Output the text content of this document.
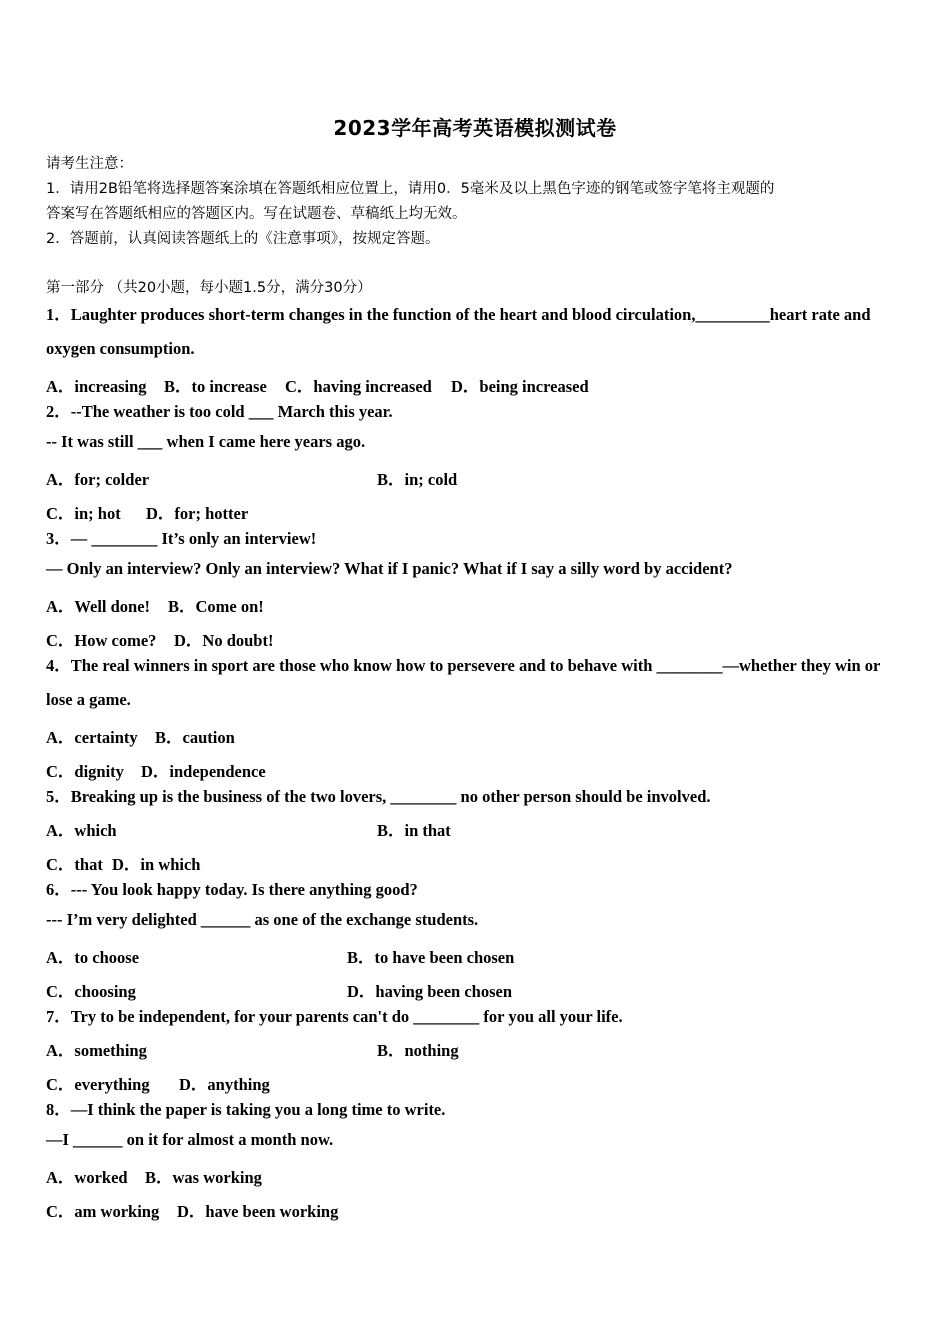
2023学年高考英语模拟测试卷
请考生注意：
1．请用2B铅笔将选择题答案涂填在答题纸相应位置上，请用0．5毫米及以上黑色字迹的钢笔或签字笔将主观题的
答案写在答题纸相应的答题区内。写在试题卷、草稿纸上均无效。
2．答题前，认真阅读答题纸上的《注意事项》，按规定答题。
第一部分 （共20小题，每小题1.5分，满分30分）
1．Laughter produces short-term changes in the function of the heart and blood circulation,_________heart rate and
oxygen consumption.
A．increasing B．to increase C．having increased D．being increased
2．--The weather is too cold ___ March this year.
-- It was still ___ when I came here years ago.
A．for; colder	B．in; cold
C．in; hot D．for; hotter
3．— ________ It’s only an interview!
— Only an interview? Only an interview? What if I panic? What if I say a silly word by accident?
A．Well done! B．Come on!
C．How come? D．No doubt!
4．The real winners in sport are those who know how to persevere and to behave with ________—whether they win or
lose a game.
A．certainty B．caution
C．dignity D．independence
5．Breaking up is the business of the two lovers, ________ no other person should be involved.
A．which	B．in that
C．that D．in which
6．--- You look happy today. Is there anything good?
--- I’m very delighted ______ as one of the exchange students.
A．to choose	B．to have been chosen
C．choosing	D．having been chosen
7．Try to be independent, for your parents can't do ________ for you all your life.
A．something	B．nothing
C．everything D．anything
8．—I think the paper is taking you a long time to write.
—I ______ on it for almost a month now.
A．worked B．was working
C．am working D．have been working
